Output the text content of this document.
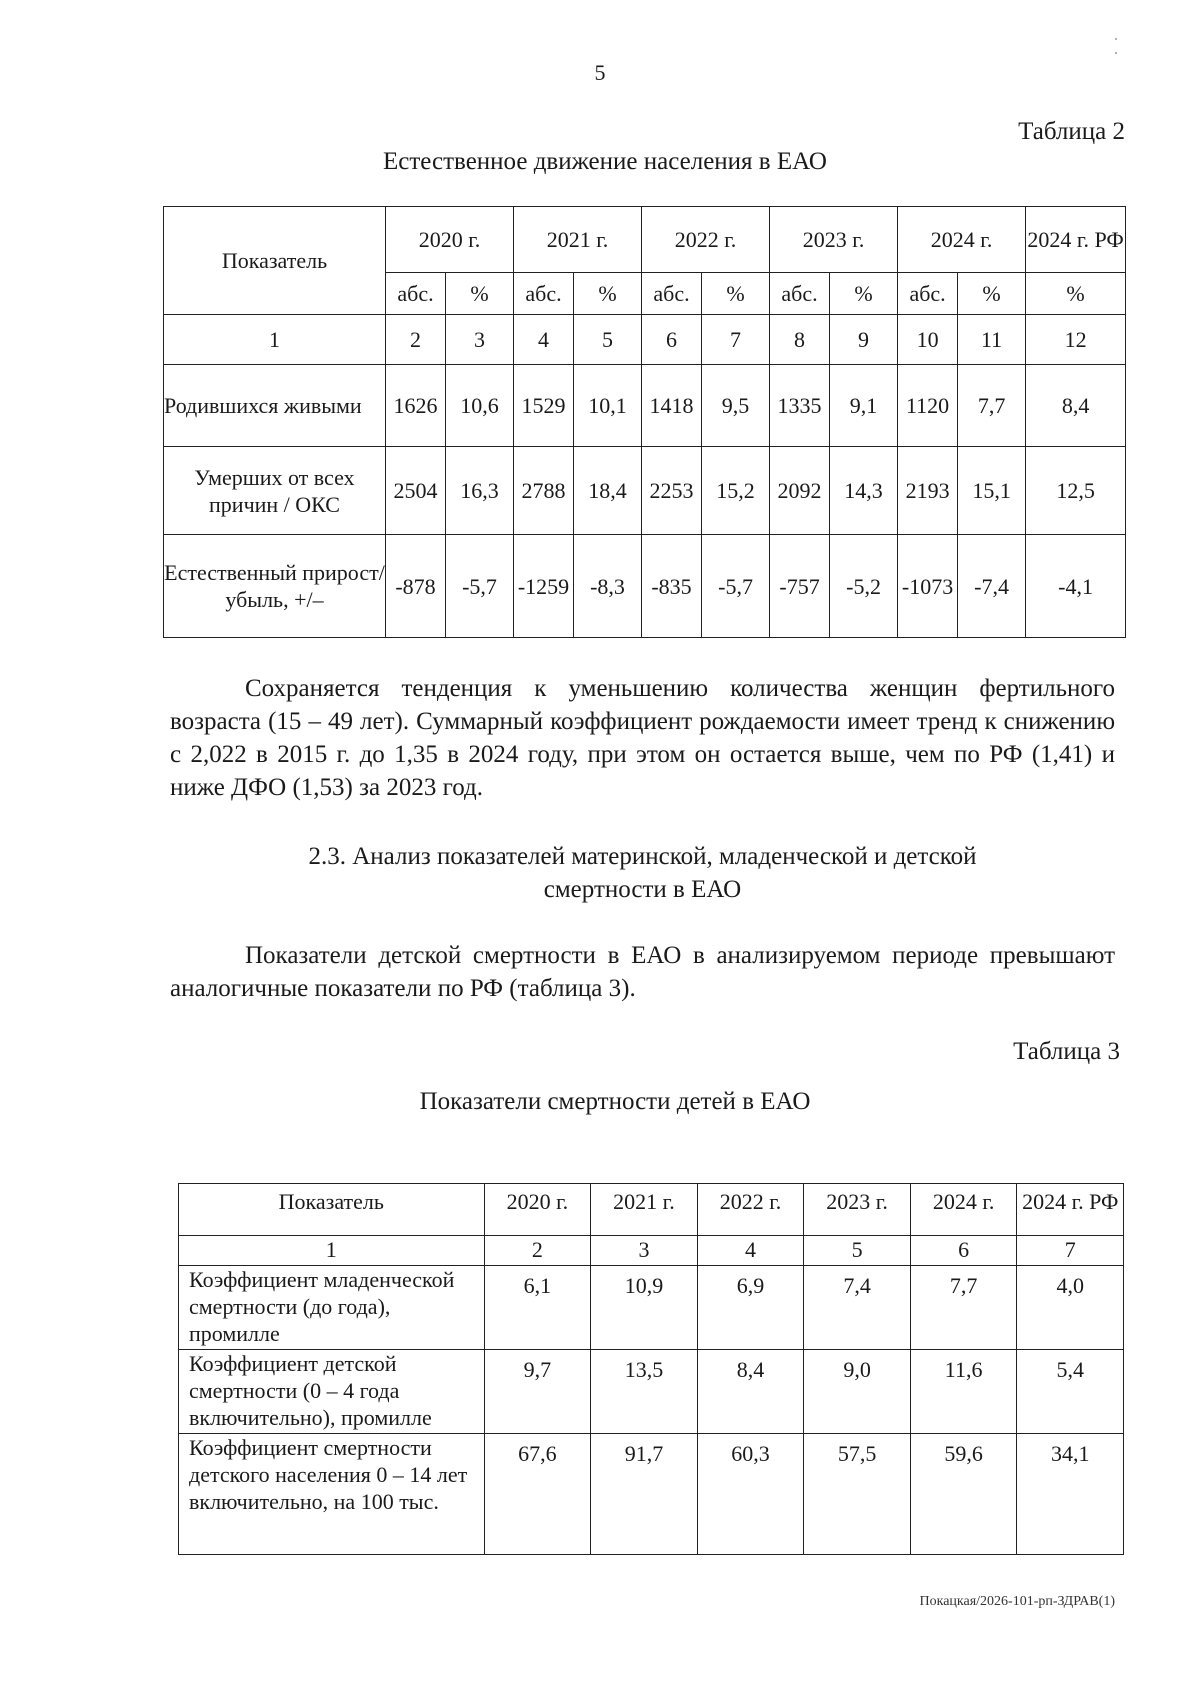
5
Таблица 2
Естественное движение населения в ЕАО
Показатель	2020 г.		2021 г.		2022 г.		2023 г.		2024 г.		2024 г. РФ
	абс.	%	абс.	%	абс.	%	абс.	%	абс.	%	%
1	2	3	4	5	6	7	8	9	10	11	12
Родившихся живыми	1626	10,6	1529	10,1	1418	9,5	1335	9,1	1120	7,7	8,4
Умерших от всех причин / ОКС	2504	16,3	2788	18,4	2253	15,2	2092	14,3	2193	15,1	12,5
Естественный прирост/убыль, +/–	-878	-5,7	-1259	-8,3	-835	-5,7	-757	-5,2	-1073	-7,4	-4,1

Сохраняется тенденция к уменьшению количества женщин фертильного возраста (15 – 49 лет). Суммарный коэффициент рождаемости имеет тренд к снижению с 2,022 в 2015 г. до 1,35 в 2024 году, при этом он остается выше, чем по РФ (1,41) и ниже ДФО (1,53) за 2023 год.

2.3. Анализ показателей материнской, младенческой и детской
смертности в ЕАО

Показатели детской смертности в ЕАО в анализируемом периоде превышают аналогичные показатели по РФ (таблица 3).

Таблица 3
Показатели смертности детей в ЕАО
Показатель	2020 г.	2021 г.	2022 г.	2023 г.	2024 г.	2024 г. РФ
1	2	3	4	5	6	7
Коэффициент младенческой смертности (до года), промилле	6,1	10,9	6,9	7,4	7,7	4,0
Коэффициент детской смертности (0 – 4 года включительно), промилле	9,7	13,5	8,4	9,0	11,6	5,4
Коэффициент смертности детского населения 0 – 14 лет включительно, на 100 тыс.	67,6	91,7	60,3	57,5	59,6	34,1
Покацкая/2026-101-рп-ЗДРАВ(1)
